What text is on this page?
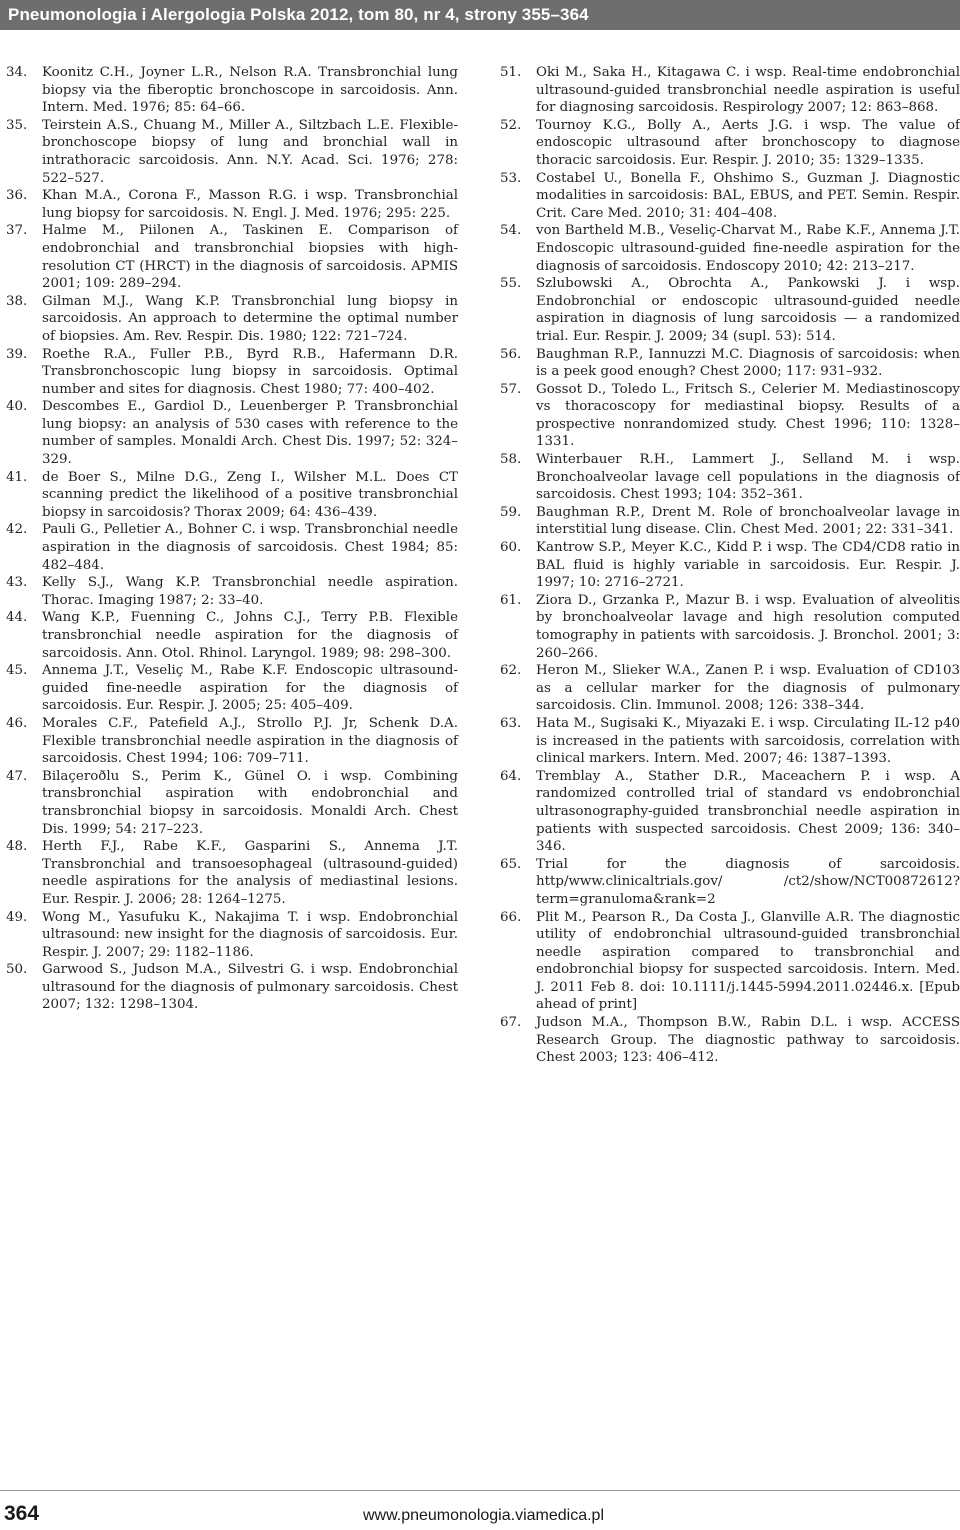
Pneumonologia i Alergologia Polska 2012, tom 80, nr 4, strony 355–364
34. Koonitz C.H., Joyner L.R., Nelson R.A. Transbronchial lung biopsy via the fiberoptic bronchoscope in sarcoidosis. Ann. Intern. Med. 1976; 85: 64–66.
35. Teirstein A.S., Chuang M., Miller A., Siltzbach L.E. Flexible-bronchoscope biopsy of lung and bronchial wall in intrathoracic sarcoidosis. Ann. N.Y. Acad. Sci. 1976; 278: 522–527.
36. Khan M.A., Corona F., Masson R.G. i wsp. Transbronchial lung biopsy for sarcoidosis. N. Engl. J. Med. 1976; 295: 225.
37. Halme M., Piilonen A., Taskinen E. Comparison of endobronchial and transbronchial biopsies with high-resolution CT (HRCT) in the diagnosis of sarcoidosis. APMIS 2001; 109: 289–294.
38. Gilman M.J., Wang K.P. Transbronchial lung biopsy in sarcoidosis. An approach to determine the optimal number of biopsies. Am. Rev. Respir. Dis. 1980; 122: 721–724.
39. Roethe R.A., Fuller P.B., Byrd R.B., Hafermann D.R. Transbronchoscopic lung biopsy in sarcoidosis. Optimal number and sites for diagnosis. Chest 1980; 77: 400–402.
40. Descombes E., Gardiol D., Leuenberger P. Transbronchial lung biopsy: an analysis of 530 cases with reference to the number of samples. Monaldi Arch. Chest Dis. 1997; 52: 324–329.
41. de Boer S., Milne D.G., Zeng I., Wilsher M.L. Does CT scanning predict the likelihood of a positive transbronchial biopsy in sarcoidosis? Thorax 2009; 64: 436–439.
42. Pauli G., Pelletier A., Bohner C. i wsp. Transbronchial needle aspiration in the diagnosis of sarcoidosis. Chest 1984; 85: 482–484.
43. Kelly S.J., Wang K.P. Transbronchial needle aspiration. Thorac. Imaging 1987; 2: 33–40.
44. Wang K.P., Fuenning C., Johns C.J., Terry P.B. Flexible transbronchial needle aspiration for the diagnosis of sarcoidosis. Ann. Otol. Rhinol. Laryngol. 1989; 98: 298–300.
45. Annema J.T., Veseliç M., Rabe K.F. Endoscopic ultrasound-guided fine-needle aspiration for the diagnosis of sarcoidosis. Eur. Respir. J. 2005; 25: 405–409.
46. Morales C.F., Patefield A.J., Strollo P.J. Jr, Schenk D.A. Flexible transbronchial needle aspiration in the diagnosis of sarcoidosis. Chest 1994; 106: 709–711.
47. Bilaçeroðlu S., Perim K., Günel O. i wsp. Combining transbronchial aspiration with endobronchial and transbronchial biopsy in sarcoidosis. Monaldi Arch. Chest Dis. 1999; 54: 217–223.
48. Herth F.J., Rabe K.F., Gasparini S., Annema J.T. Transbronchial and transoesophageal (ultrasound-guided) needle aspirations for the analysis of mediastinal lesions. Eur. Respir. J. 2006; 28: 1264–1275.
49. Wong M., Yasufuku K., Nakajima T. i wsp. Endobronchial ultrasound: new insight for the diagnosis of sarcoidosis. Eur. Respir. J. 2007; 29: 1182–1186.
50. Garwood S., Judson M.A., Silvestri G. i wsp. Endobronchial ultrasound for the diagnosis of pulmonary sarcoidosis. Chest 2007; 132: 1298–1304.
51. Oki M., Saka H., Kitagawa C. i wsp. Real-time endobronchial ultrasound-guided transbronchial needle aspiration is useful for diagnosing sarcoidosis. Respirology 2007; 12: 863–868.
52. Tournoy K.G., Bolly A., Aerts J.G. i wsp. The value of endoscopic ultrasound after bronchoscopy to diagnose thoracic sarcoidosis. Eur. Respir. J. 2010; 35: 1329–1335.
53. Costabel U., Bonella F., Ohshimo S., Guzman J. Diagnostic modalities in sarcoidosis: BAL, EBUS, and PET. Semin. Respir. Crit. Care Med. 2010; 31: 404–408.
54. von Bartheld M.B., Veseliç-Charvat M., Rabe K.F., Annema J.T. Endoscopic ultrasound-guided fine-needle aspiration for the diagnosis of sarcoidosis. Endoscopy 2010; 42: 213–217.
55. Szlubowski A., Obrochta A., Pankowski J. i wsp. Endobronchial or endoscopic ultrasound-guided needle aspiration in diagnosis of lung sarcoidosis — a randomized trial. Eur. Respir. J. 2009; 34 (supl. 53): 514.
56. Baughman R.P., Iannuzzi M.C. Diagnosis of sarcoidosis: when is a peek good enough? Chest 2000; 117: 931–932.
57. Gossot D., Toledo L., Fritsch S., Celerier M. Mediastinoscopy vs thoracoscopy for mediastinal biopsy. Results of a prospective nonrandomized study. Chest 1996; 110: 1328–1331.
58. Winterbauer R.H., Lammert J., Selland M. i wsp. Bronchoalveolar lavage cell populations in the diagnosis of sarcoidosis. Chest 1993; 104: 352–361.
59. Baughman R.P., Drent M. Role of bronchoalveolar lavage in interstitial lung disease. Clin. Chest Med. 2001; 22: 331–341.
60. Kantrow S.P., Meyer K.C., Kidd P. i wsp. The CD4/CD8 ratio in BAL fluid is highly variable in sarcoidosis. Eur. Respir. J. 1997; 10: 2716–2721.
61. Ziora D., Grzanka P., Mazur B. i wsp. Evaluation of alveolitis by bronchoalveolar lavage and high resolution computed tomography in patients with sarcoidosis. J. Bronchol. 2001; 3: 260–266.
62. Heron M., Slieker W.A., Zanen P. i wsp. Evaluation of CD103 as a cellular marker for the diagnosis of pulmonary sarcoidosis. Clin. Immunol. 2008; 126: 338–344.
63. Hata M., Sugisaki K., Miyazaki E. i wsp. Circulating IL-12 p40 is increased in the patients with sarcoidosis, correlation with clinical markers. Intern. Med. 2007; 46: 1387–1393.
64. Tremblay A., Stather D.R., Maceachern P. i wsp. A randomized controlled trial of standard vs endobronchial ultrasonography-guided transbronchial needle aspiration in patients with suspected sarcoidosis. Chest 2009; 136: 340–346.
65. Trial for the diagnosis of sarcoidosis. http/www.clinicaltrials.gov/ /ct2/show/NCT00872612?term=granuloma&rank=2
66. Plit M., Pearson R., Da Costa J., Glanville A.R. The diagnostic utility of endobronchial ultrasound-guided transbronchial needle aspiration compared to transbronchial and endobronchial biopsy for suspected sarcoidosis. Intern. Med. J. 2011 Feb 8. doi: 10.1111/j.1445-5994.2011.02446.x. [Epub ahead of print]
67. Judson M.A., Thompson B.W., Rabin D.L. i wsp. ACCESS Research Group. The diagnostic pathway to sarcoidosis. Chest 2003; 123: 406–412.
364	www.pneumonologia.viamedica.pl
